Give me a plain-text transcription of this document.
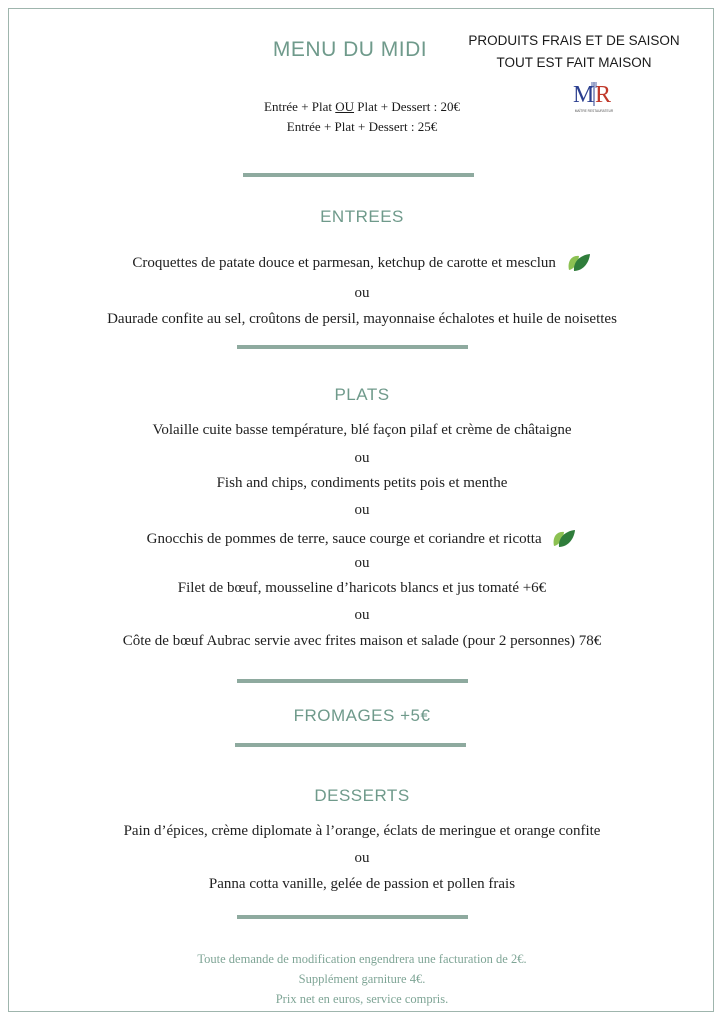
MENU DU MIDI	PRODUITS FRAIS ET DE SAISON
TOUT EST FAIT MAISON
M R
MAÎTRE RESTAURATEUR
Entrée + Plat OU Plat + Dessert : 20€
Entrée + Plat + Dessert : 25€
ENTREES
Croquettes de patate douce et parmesan, ketchup de carotte et mesclun
ou
Daurade confite au sel, croûtons de persil, mayonnaise échalotes et huile de noisettes
PLATS
Volaille cuite basse température, blé façon pilaf et crème de châtaigne
ou
Fish and chips, condiments petits pois et menthe
ou
Gnocchis de pommes de terre, sauce courge et coriandre et ricotta
ou
Filet de bœuf, mousseline d’haricots blancs et jus tomaté +6€
ou
Côte de bœuf Aubrac servie avec frites maison et salade (pour 2 personnes) 78€
FROMAGES +5€
DESSERTS
Pain d’épices, crème diplomate à l’orange, éclats de meringue et orange confite
ou
Panna cotta vanille, gelée de passion et pollen frais
Toute demande de modification engendrera une facturation de 2€.
Supplément garniture 4€.
Prix net en euros, service compris.
